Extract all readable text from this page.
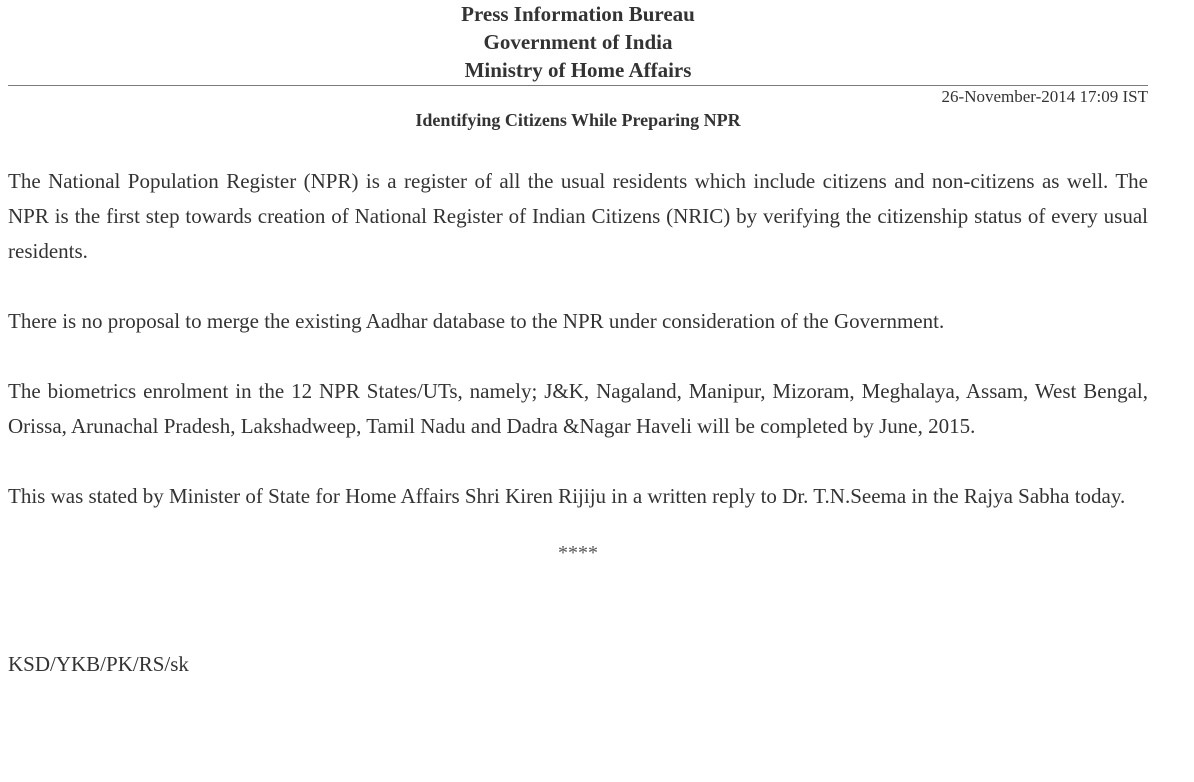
Press Information Bureau
Government of India
Ministry of Home Affairs
26-November-2014 17:09 IST
Identifying Citizens While Preparing NPR

The National Population Register (NPR) is a register of all the usual residents which include citizens and non-citizens as well. The NPR is the first step towards creation of National Register of Indian Citizens (NRIC) by verifying the citizenship status of every usual residents.

There is no proposal to merge the existing Aadhar database to the NPR under consideration of the Government.

The biometrics enrolment in the 12 NPR States/UTs, namely; J&K, Nagaland, Manipur, Mizoram, Meghalaya, Assam, West Bengal, Orissa, Arunachal Pradesh, Lakshadweep, Tamil Nadu and Dadra &Nagar Haveli will be completed by June, 2015.

This was stated by Minister of State for Home Affairs Shri Kiren Rijiju in a written reply to Dr. T.N.Seema in the Rajya Sabha today.

****
KSD/YKB/PK/RS/sk
